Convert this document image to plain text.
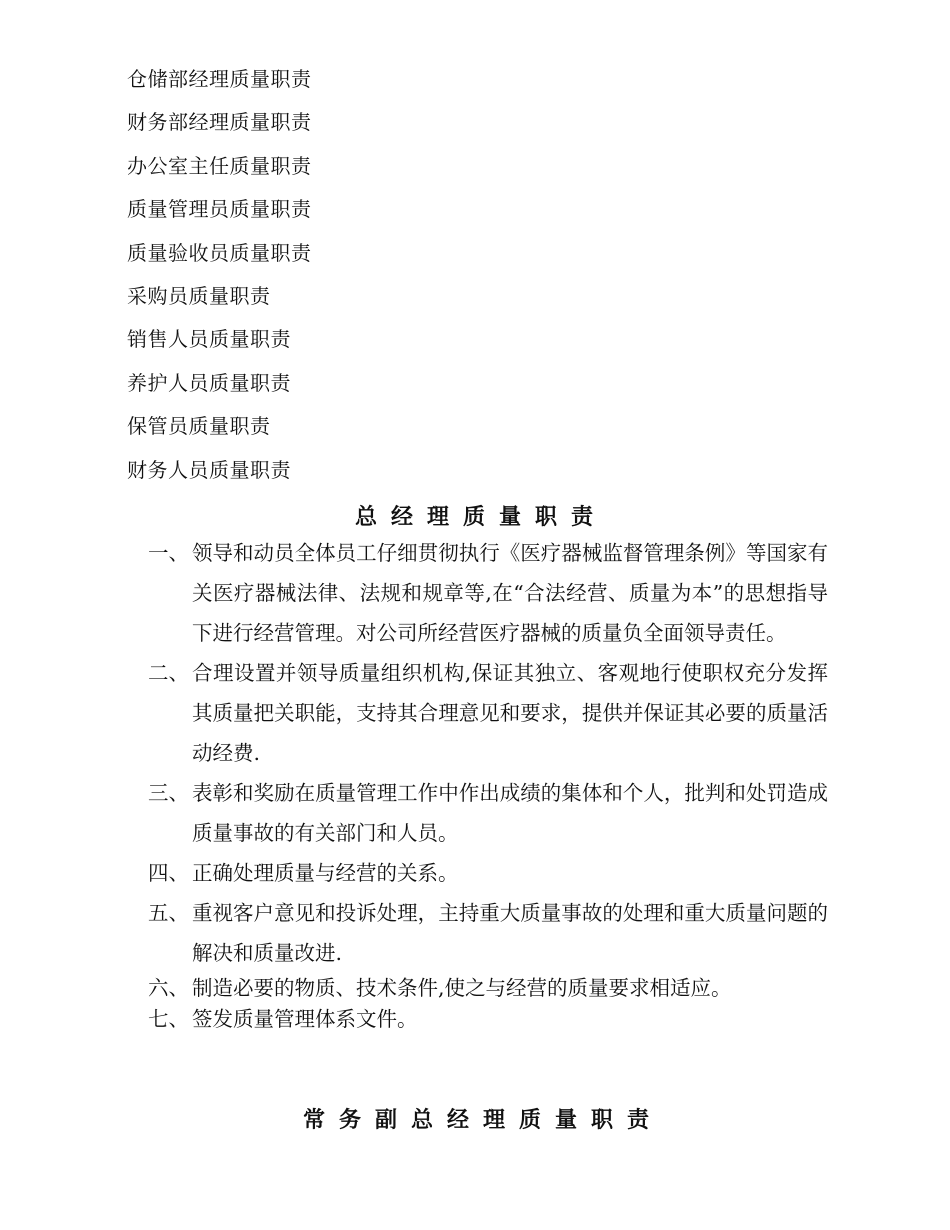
仓储部经理质量职责
财务部经理质量职责
办公室主任质量职责
质量管理员质量职责
质量验收员质量职责
采购员质量职责
销售人员质量职责
养护人员质量职责
保管员质量职责
财务人员质量职责
总经理质量职责
一、 领导和动员全体员工仔细贯彻执行《医疗器械监督管理条例》等国家有关医疗器械法律、法规和规章等,在“合法经营、质量为本”的思想指导下进行经营管理。对公司所经营医疗器械的质量负全面领导责任。
二、 合理设置并领导质量组织机构,保证其独立、客观地行使职权充分发挥其质量把关职能，支持其合理意见和要求，提供并保证其必要的质量活动经费.
三、 表彰和奖励在质量管理工作中作出成绩的集体和个人，批判和处罚造成质量事故的有关部门和人员。
四、 正确处理质量与经营的关系。
五、 重视客户意见和投诉处理，主持重大质量事故的处理和重大质量问题的解决和质量改进.
六、 制造必要的物质、技术条件,使之与经营的质量要求相适应。
七、 签发质量管理体系文件。
常务副总经理质量职责
